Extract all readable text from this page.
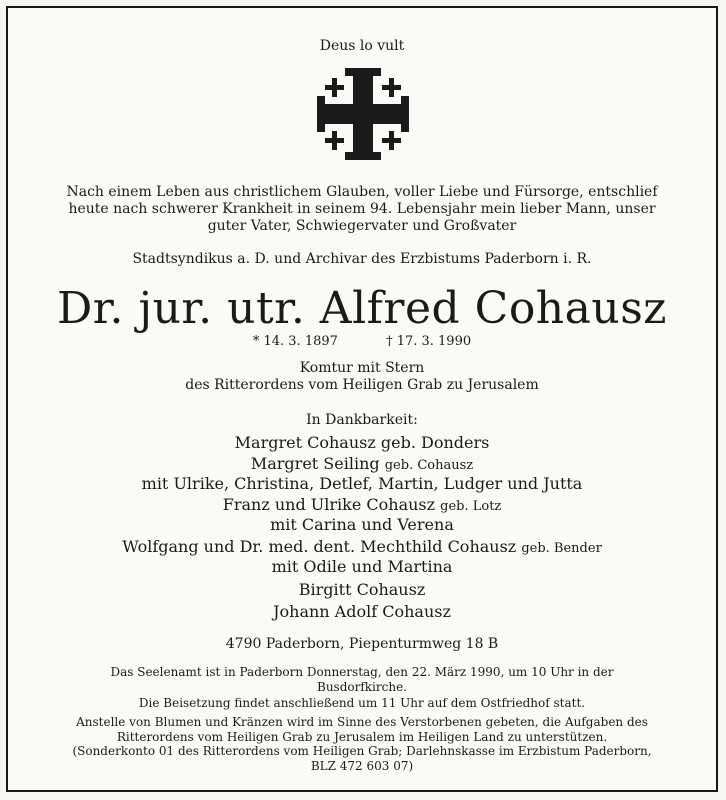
Deus lo vult
Nach einem Leben aus christlichem Glauben, voller Liebe und Fürsorge, entschlief
heute nach schwerer Krankheit in seinem 94. Lebensjahr mein lieber Mann, unser
guter Vater, Schwiegervater und Großvater
Stadtsyndikus a. D. und Archivar des Erzbistums Paderborn i. R.
Dr. jur. utr. Alfred Cohausz
* 14. 3. 1897	† 17. 3. 1990
Komtur mit Stern
des Ritterordens vom Heiligen Grab zu Jerusalem
In Dankbarkeit:
Margret Cohausz geb. Donders
Margret Seiling geb. Cohausz
mit Ulrike, Christina, Detlef, Martin, Ludger und Jutta
Franz und Ulrike Cohausz geb. Lotz
mit Carina und Verena
Wolfgang und Dr. med. dent. Mechthild Cohausz geb. Bender
mit Odile und Martina
Birgitt Cohausz
Johann Adolf Cohausz
4790 Paderborn, Piepenturmweg 18 B
Das Seelenamt ist in Paderborn Donnerstag, den 22. März 1990, um 10 Uhr in der
Busdorfkirche.
Die Beisetzung findet anschließend um 11 Uhr auf dem Ostfriedhof statt.
Anstelle von Blumen und Kränzen wird im Sinne des Verstorbenen gebeten, die Aufgaben des
Ritterordens vom Heiligen Grab zu Jerusalem im Heiligen Land zu unterstützen.
(Sonderkonto 01 des Ritterordens vom Heiligen Grab; Darlehnskasse im Erzbistum Paderborn,
BLZ 472 603 07)
